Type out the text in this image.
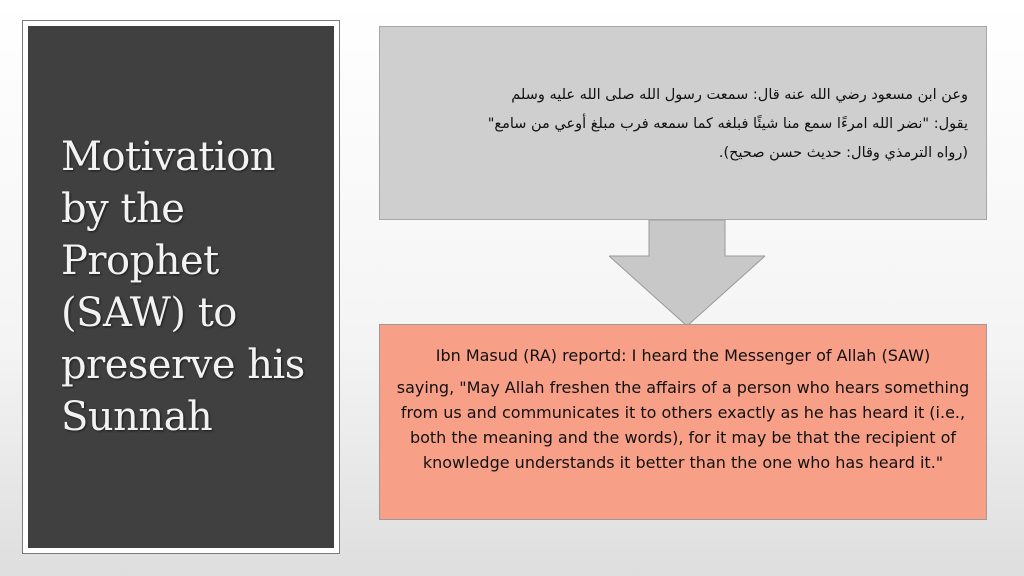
Motivation by the Prophet (SAW) to preserve his Sunnah
وعن ابن مسعود رضي الله عنه قال: سمعت رسول الله صلى الله عليه وسلم
يقول: "نضر الله امرءًا سمع منا شيئًا فبلغه كما سمعه فرب مبلغ أوعي من سامع"
(رواه الترمذي وقال: حديث حسن صحيح).

Ibn Masud (RA) reportd: I heard the Messenger of Allah (SAW)

saying, "May Allah freshen the affairs of a person who hears something from us and communicates it to others exactly as he has heard it (i.e., both the meaning and the words), for it may be that the recipient of knowledge understands it better than the one who has heard it."
